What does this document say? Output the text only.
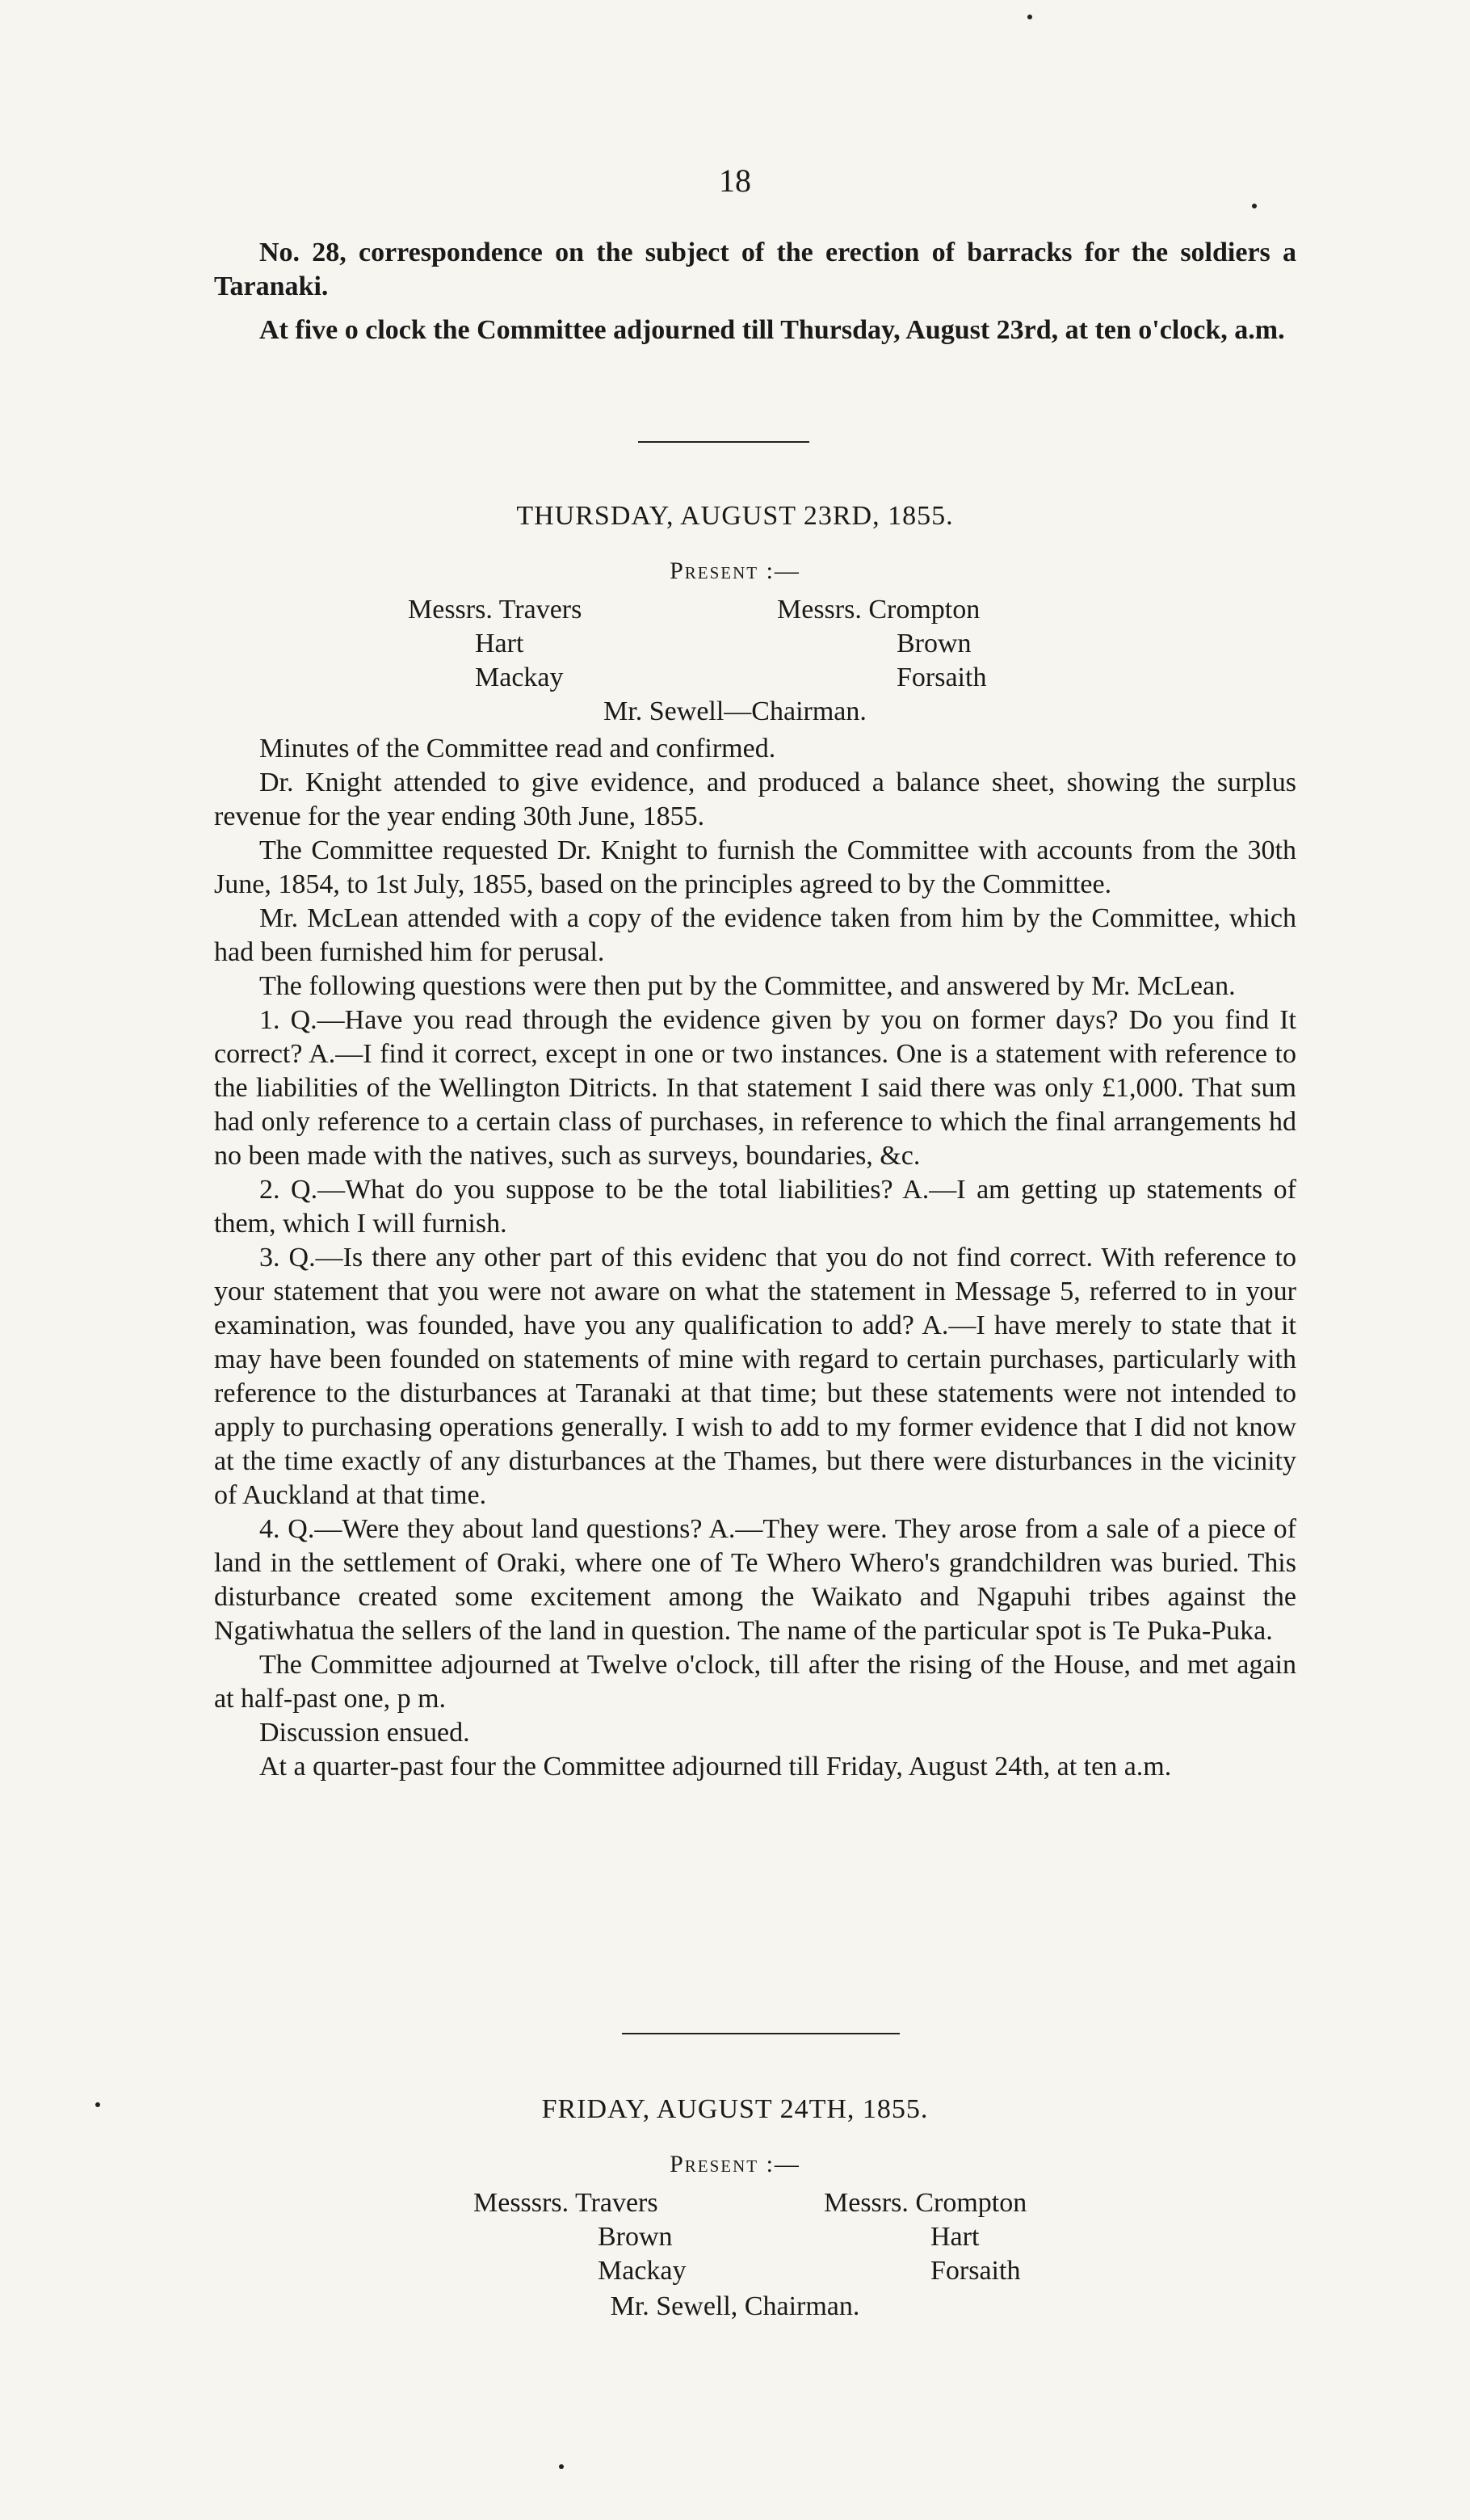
18

No. 28, correspondence on the subject of the erection of barracks for the soldiers a Taranaki.

At five o clock the Committee adjourned till Thursday, August 23rd, at ten o'clock, a.m.

THURSDAY, AUGUST 23RD, 1855.
Present :—
Messrs. Travers
Hart
Mackay
Messrs. Crompton
Brown
Forsaith
Mr. Sewell—Chairman.

Minutes of the Committee read and confirmed.

Dr. Knight attended to give evidence, and produced a balance sheet, showing the surplus revenue for the year ending 30th June, 1855.

The Committee requested Dr. Knight to furnish the Committee with accounts from the 30th June, 1854, to 1st July, 1855, based on the principles agreed to by the Committee.

Mr. McLean attended with a copy of the evidence taken from him by the Committee, which had been furnished him for perusal.

The following questions were then put by the Committee, and answered by Mr. McLean.

1. Q.—Have you read through the evidence given by you on former days? Do you find It correct? A.—I find it correct, except in one or two instances. One is a statement with reference to the liabilities of the Wellington Ditricts. In that statement I said there was only £1,000. That sum had only reference to a certain class of purchases, in reference to which the final arrangements hd no been made with the natives, such as surveys, boundaries, &c.

2. Q.—What do you suppose to be the total liabilities? A.—I am getting up statements of them, which I will furnish.

3. Q.—Is there any other part of this evidenc that you do not find correct. With reference to your statement that you were not aware on what the statement in Message 5, referred to in your examination, was founded, have you any qualification to add? A.—I have merely to state that it may have been founded on statements of mine with regard to certain purchases, particularly with reference to the disturbances at Taranaki at that time; but these statements were not intended to apply to purchasing operations generally. I wish to add to my former evidence that I did not know at the time exactly of any disturbances at the Thames, but there were disturbances in the vicinity of Auckland at that time.

4. Q.—Were they about land questions? A.—They were. They arose from a sale of a piece of land in the settlement of Oraki, where one of Te Whero Whero's grandchildren was buried. This disturbance created some excitement among the Waikato and Ngapuhi tribes against the Ngatiwhatua the sellers of the land in question. The name of the particular spot is Te Puka-Puka.

The Committee adjourned at Twelve o'clock, till after the rising of the House, and met again at half-past one, p m.

Discussion ensued.

At a quarter-past four the Committee adjourned till Friday, August 24th, at ten a.m.

FRIDAY, AUGUST 24TH, 1855.
Present :—
Messsrs. Travers
Brown
Mackay
Messrs. Crompton
Hart
Forsaith
Mr. Sewell, Chairman.
